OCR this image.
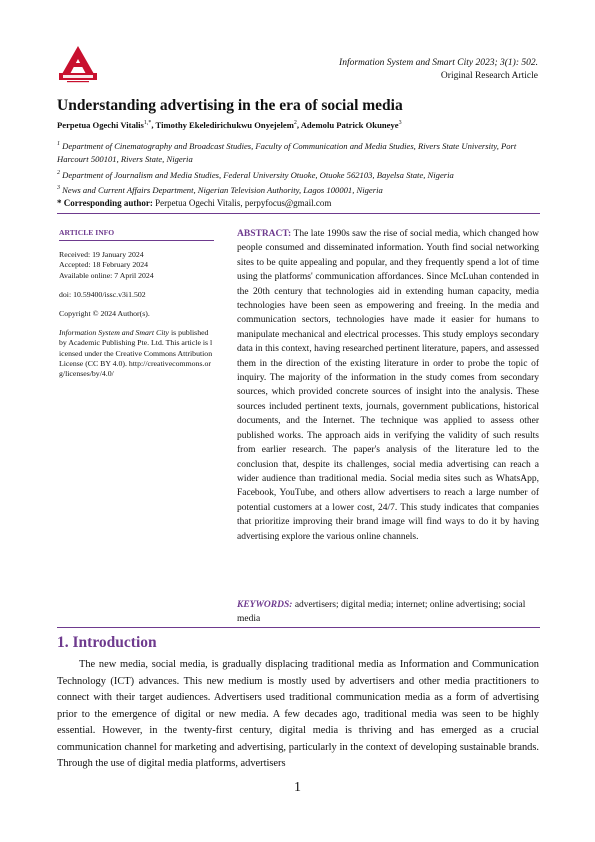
Information System and Smart City 2023; 3(1): 502.
Original Research Article
Understanding advertising in the era of social media
Perpetua Ogechi Vitalis$^{1,*}$, Timothy Ekeledirichukwu Onyejelem$^2$, Ademolu Patrick Okuneye$^3$
$^1$ Department of Cinematography and Broadcast Studies, Faculty of Communication and Media Studies, Rivers State University, Port Harcourt 500101, Rivers State, Nigeria
$^2$ Department of Journalism and Media Studies, Federal University Otuoke, Otuoke 562103, Bayelsa State, Nigeria
$^3$ News and Current Affairs Department, Nigerian Television Authority, Lagos 100001, Nigeria
* Corresponding author: Perpetua Ogechi Vitalis, perpyfocus@gmail.com
ARTICLE INFO
Received: 19 January 2024
Accepted: 18 February 2024
Available online: 7 April 2024
doi: 10.59400/issc.v3i1.502
Copyright © 2024 Author(s).
Information System and Smart City is published by Academic Publishing Pte. Ltd. This article is licensed under the Creative Commons Attribution License (CC BY 4.0). http://creativecommons.org/licenses/by/4.0/
ABSTRACT: The late 1990s saw the rise of social media, which changed how people consumed and disseminated information. Youth find social networking sites to be quite appealing and popular, and they frequently spend a lot of time using the platforms' communication affordances. Since McLuhan contended in the 20th century that technologies aid in extending human capacity, media technologies have been seen as empowering and freeing. In the media and communication sectors, technologies have made it easier for humans to manipulate mechanical and electrical processes. This study employs secondary data in this context, having researched pertinent literature, papers, and assessed them in the direction of the existing literature in order to probe the topic of inquiry. The majority of the information in the study comes from secondary sources, which provided concrete sources of insight into the analysis. These sources included pertinent texts, journals, government publications, historical documents, and the Internet. The technique was applied to assess other published works. The approach aids in verifying the validity of such results from earlier research. The paper's analysis of the literature led to the conclusion that, despite its challenges, social media advertising can reach a wider audience than traditional media. Social media sites such as WhatsApp, Facebook, YouTube, and others allow advertisers to reach a large number of potential customers at a lower cost, 24/7. This study indicates that companies that prioritize improving their brand image will find ways to do it by having advertising explore the various online channels.
KEYWORDS: advertisers; digital media; internet; online advertising; social media
1. Introduction

The new media, social media, is gradually displacing traditional media as Information and Communication Technology (ICT) advances. This new medium is mostly used by advertisers and other media practitioners to connect with their target audiences. Advertisers used traditional communication media as a form of advertising prior to the emergence of digital or new media. A few decades ago, traditional media was seen to be highly essential. However, in the twenty-first century, digital media is thriving and has emerged as a crucial communication channel for marketing and advertising, particularly in the context of developing sustainable brands. Through the use of digital media platforms, advertisers

1
